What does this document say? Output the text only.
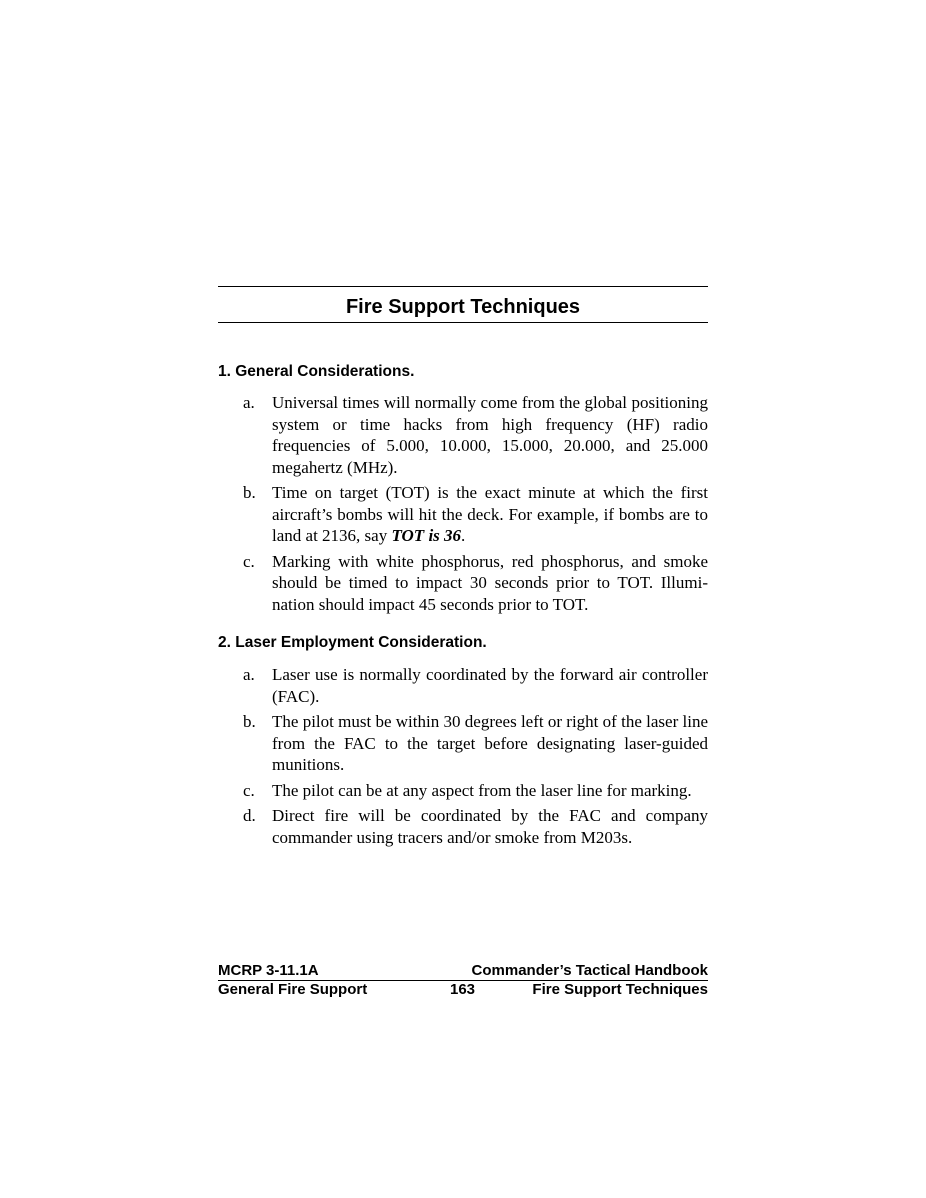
Fire Support Techniques
1. General Considerations.
a.	Universal times will normally come from the global positioning system or time hacks from high frequency (HF) radio frequencies of 5.000, 10.000, 15.000, 20.000, and 25.000 megahertz (MHz).
b. Time on target (TOT) is the exact minute at which the first aircraft’s bombs will hit the deck. For example, if bombs are to land at 2136, say TOT is 36.
c.	Marking with white phosphorus, red phosphorus, and smoke should be timed to impact 30 seconds prior to TOT. Illumination should impact 45 seconds prior to TOT.
2. Laser Employment Consideration.
a.	Laser use is normally coordinated by the forward air controller (FAC).
b. The pilot must be within 30 degrees left or right of the laser line from the FAC to the target before designating laser-guided munitions.
c.	The pilot can be at any aspect from the laser line for marking.
d. Direct fire will be coordinated by the FAC and company commander using tracers and/or smoke from M203s.
MCRP 3-11.1A	Commander’s Tactical Handbook
General Fire Support	163	Fire Support Techniques
